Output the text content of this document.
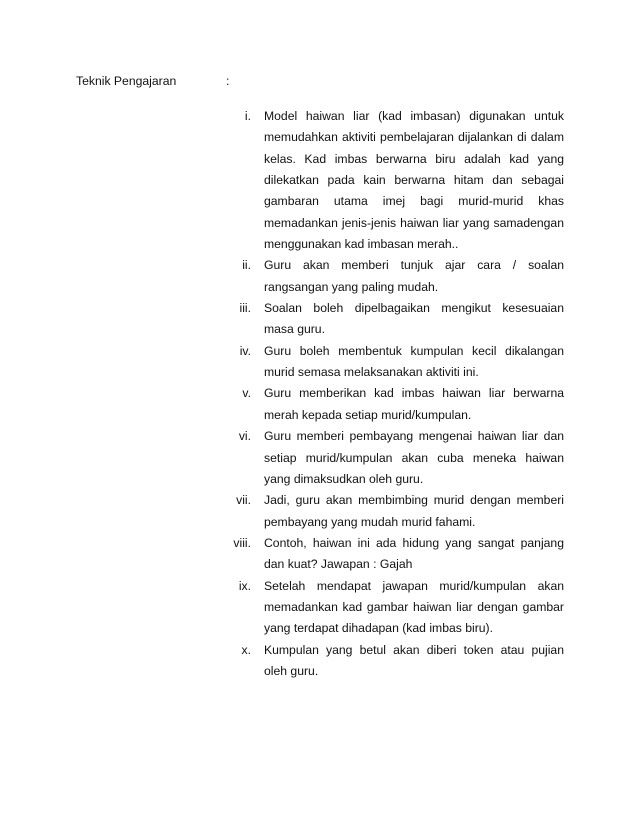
Teknik Pengajaran	:
i. Model haiwan liar (kad imbasan) digunakan untuk memudahkan aktiviti pembelajaran dijalankan di dalam kelas. Kad imbas berwarna biru adalah kad yang dilekatkan pada kain berwarna hitam dan sebagai gambaran utama imej bagi murid-murid khas memadankan jenis-jenis haiwan liar yang samadengan menggunakan kad imbasan merah..
ii. Guru akan memberi tunjuk ajar cara / soalan rangsangan yang paling mudah.
iii. Soalan boleh dipelbagaikan mengikut kesesuaian masa guru.
iv. Guru boleh membentuk kumpulan kecil dikalangan murid semasa melaksanakan aktiviti ini.
v. Guru memberikan kad imbas haiwan liar berwarna merah kepada setiap murid/kumpulan.
vi. Guru memberi pembayang mengenai haiwan liar dan setiap murid/kumpulan akan cuba meneka haiwan yang dimaksudkan oleh guru.
vii. Jadi, guru akan membimbing murid dengan memberi pembayang yang mudah murid fahami.
viii. Contoh, haiwan ini ada hidung yang sangat panjang dan kuat? Jawapan : Gajah
ix. Setelah mendapat jawapan murid/kumpulan akan memadankan kad gambar haiwan liar dengan gambar yang terdapat dihadapan (kad imbas biru).
x. Kumpulan yang betul akan diberi token atau pujian oleh guru.
